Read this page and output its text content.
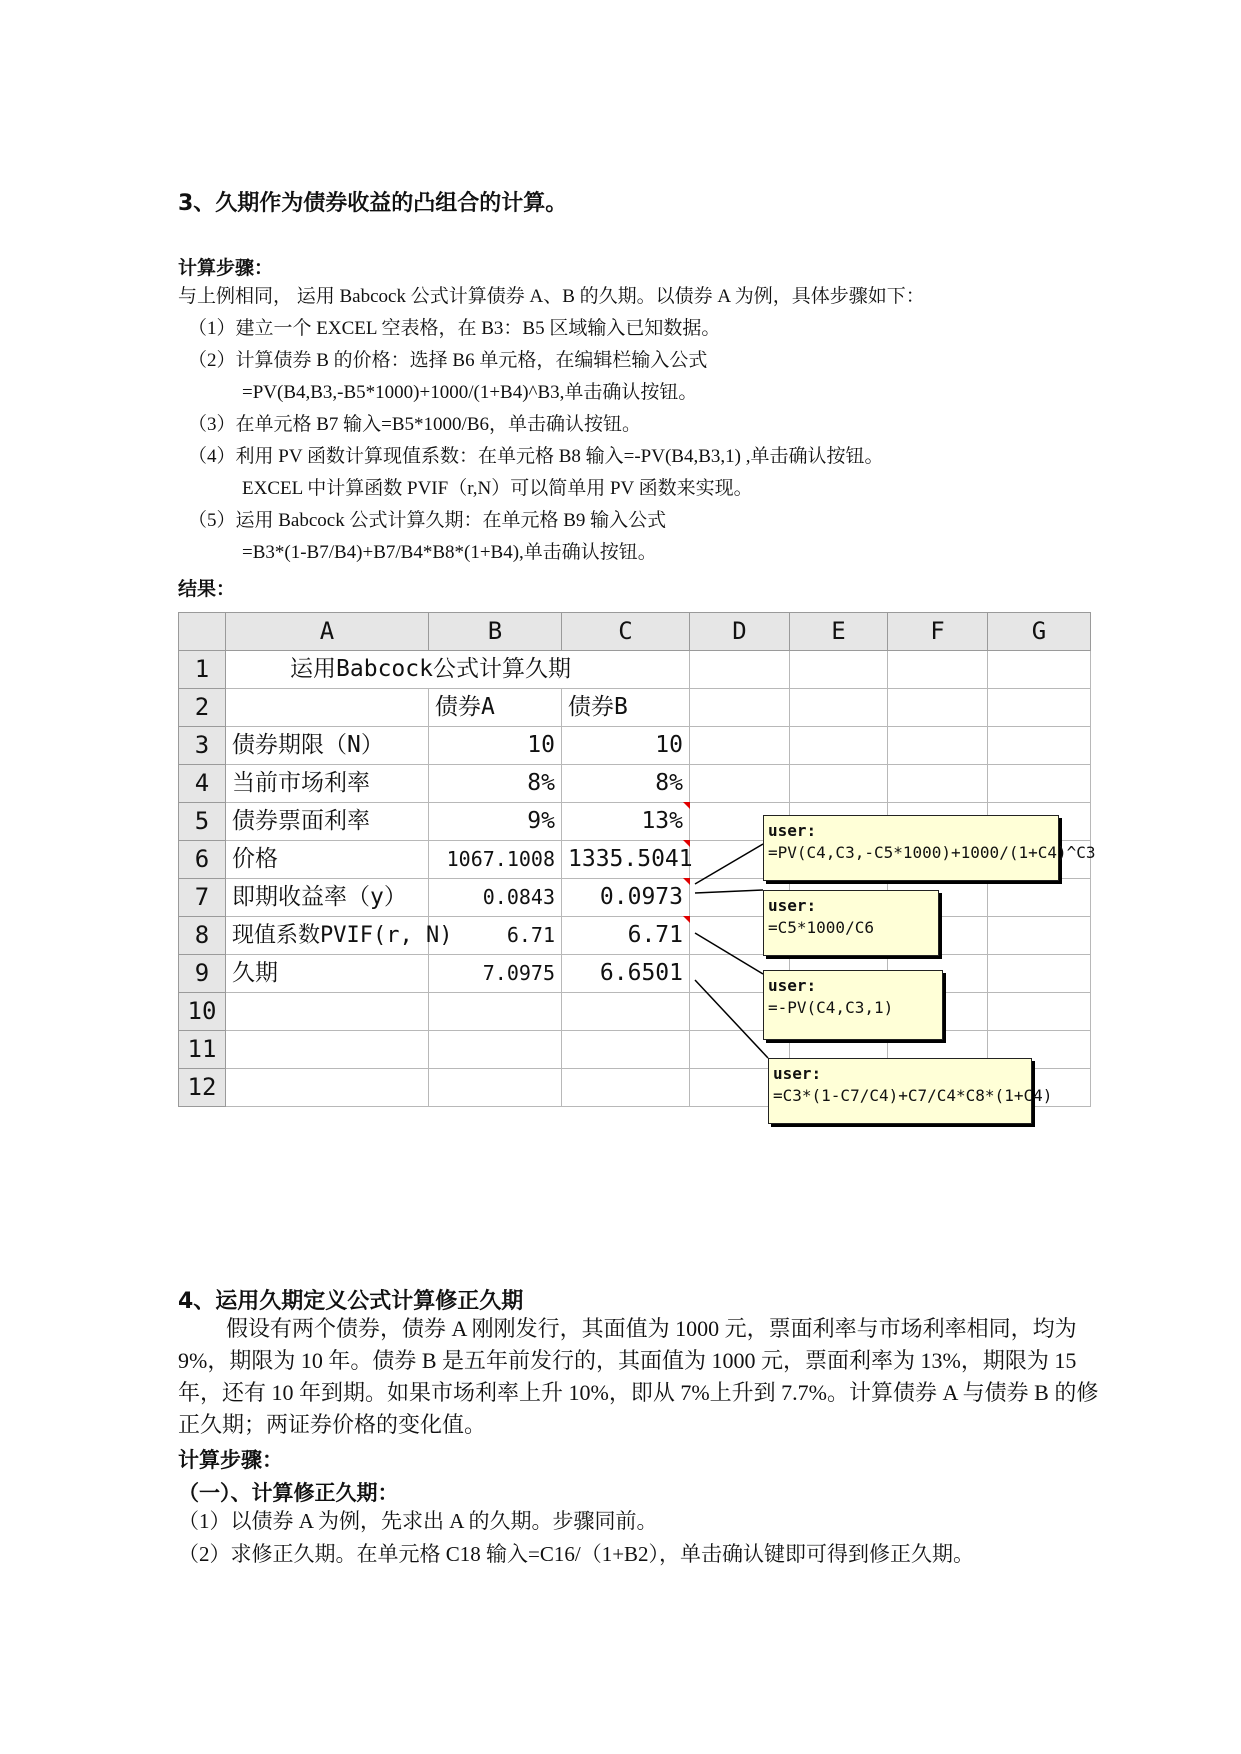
3、久期作为债券收益的凸组合的计算。
计算步骤：
与上例相同， 运用 Babcock 公式计算债券 A、B 的久期。以债券 A 为例，具体步骤如下：
（1）建立一个 EXCEL 空表格，在 B3：B5 区域输入已知数据。
（2）计算债券 B 的价格：选择 B6 单元格，在编辑栏输入公式
=PV(B4,B3,-B5*1000)+1000/(1+B4)^B3,单击确认按钮。
（3）在单元格 B7 输入=B5*1000/B6，单击确认按钮。
（4）利用 PV 函数计算现值系数：在单元格 B8 输入=-PV(B4,B3,1) ,单击确认按钮。
EXCEL 中计算函数 PVIF（r,N）可以简单用 PV 函数来实现。
（5）运用 Babcock 公式计算久期：在单元格 B9 输入公式
=B3*(1-B7/B4)+B7/B4*B8*(1+B4),单击确认按钮。
结果：
	A	B	C	D	E	F	G
1	运用Babcock公式计算久期						
2		债券A	债券B				
3	债券期限（N）	10	10				
4	当前市场利率	8%	8%				
5	债券票面利率	9%	13%

6	价格	1067.1008	1335.5041

7	即期收益率（y）	0.0843	0.0973

8	现值系数PVIF(r, N)	6.71	6.71

9	久期	7.0975	6.6501				
10							
11							
12							
user:
=PV(C4,C3,-C5*1000)+1000/(1+C4)^C3
user:
=C5*1000/C6
user:
=-PV(C4,C3,1)
user:
=C3*(1-C7/C4)+C7/C4*C8*(1+C4)
4、运用久期定义公式计算修正久期
假设有两个债券，债券 A 刚刚发行，其面值为 1000 元，票面利率与市场利率相同，均为 9%，期限为 10 年。债券 B 是五年前发行的，其面值为 1000 元，票面利率为 13%，期限为 15 年，还有 10 年到期。如果市场利率上升 10%，即从 7%上升到 7.7%。计算债券 A 与债券 B 的修正久期；两证券价格的变化值。
计算步骤：
（一）、计算修正久期：
（1）以债券 A 为例，先求出 A 的久期。步骤同前。
（2）求修正久期。在单元格 C18 输入=C16/（1+B2），单击确认键即可得到修正久期。
